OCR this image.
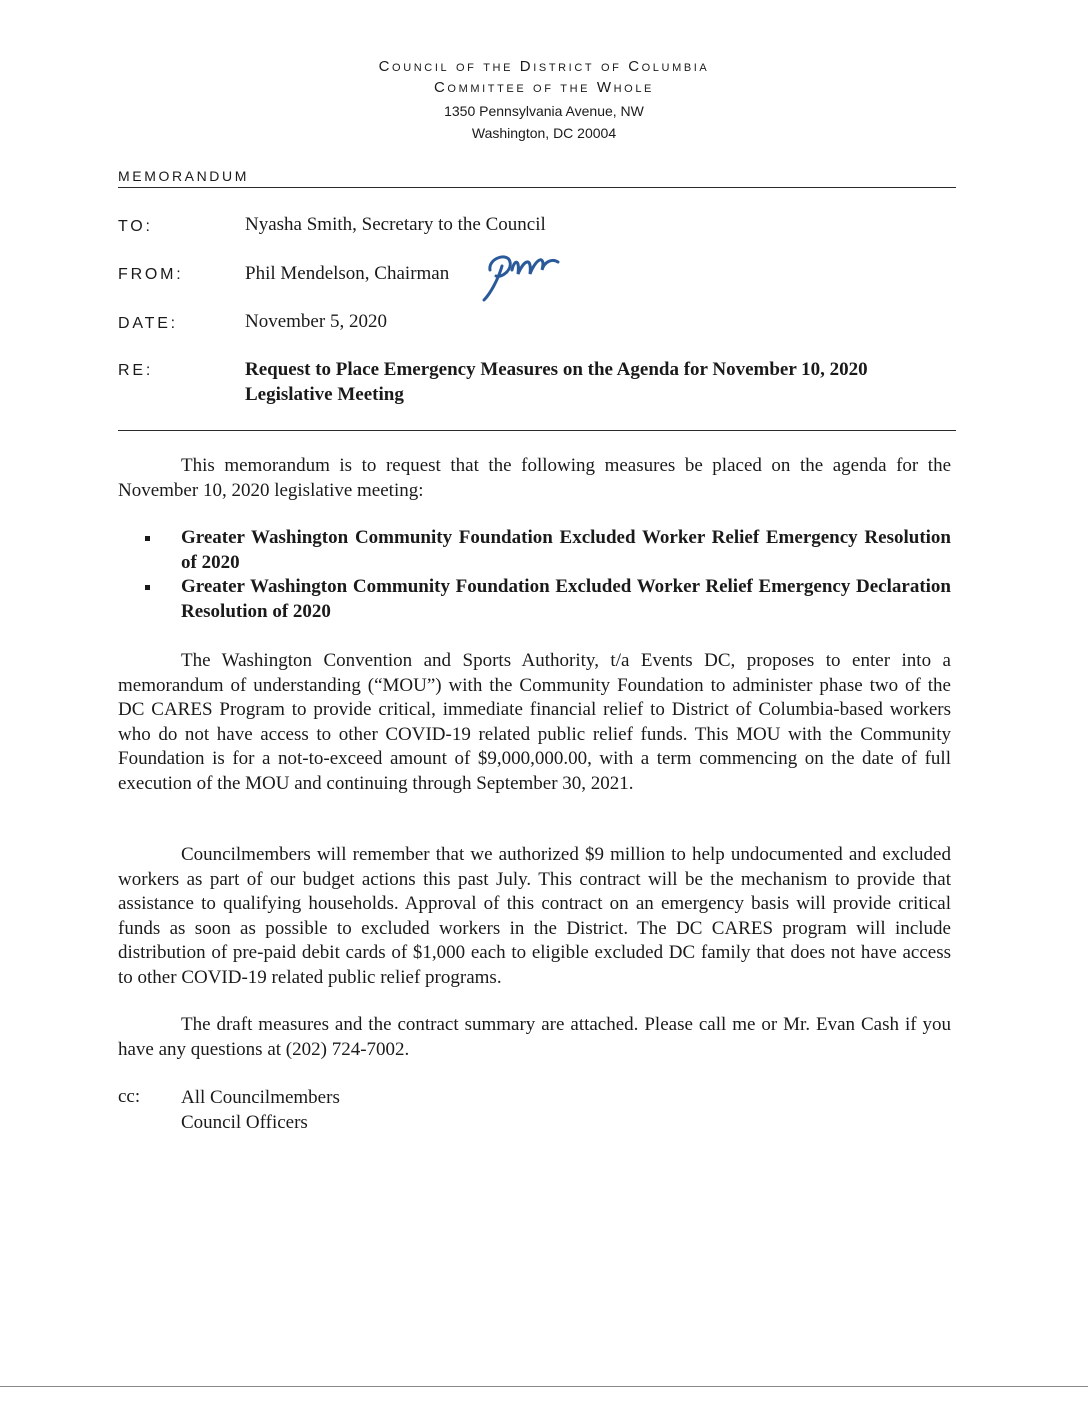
Council of the District of Columbia
Committee of the Whole
1350 Pennsylvania Avenue, NW
Washington, DC 20004
MEMORANDUM
TO:	Nyasha Smith, Secretary to the Council
FROM:	Phil Mendelson, Chairman
DATE:	November 5, 2020
RE:	Request to Place Emergency Measures on the Agenda for November 10, 2020 Legislative Meeting

This memorandum is to request that the following measures be placed on the agenda for the November 10, 2020 legislative meeting:

Greater Washington Community Foundation Excluded Worker Relief Emergency Resolution of 2020
Greater Washington Community Foundation Excluded Worker Relief Emergency Declaration Resolution of 2020

The Washington Convention and Sports Authority, t/a Events DC, proposes to enter into a memorandum of understanding (“MOU”) with the Community Foundation to administer phase two of the DC CARES Program to provide critical, immediate financial relief to District of Columbia-based workers who do not have access to other COVID-19 related public relief funds. This MOU with the Community Foundation is for a not-to-exceed amount of $9,000,000.00, with a term commencing on the date of full execution of the MOU and continuing through September 30, 2021.

Councilmembers will remember that we authorized $9 million to help undocumented and excluded workers as part of our budget actions this past July. This contract will be the mechanism to provide that assistance to qualifying households. Approval of this contract on an emergency basis will provide critical funds as soon as possible to excluded workers in the District. The DC CARES program will include distribution of pre-paid debit cards of $1,000 each to eligible excluded DC family that does not have access to other COVID-19 related public relief programs.

The draft measures and the contract summary are attached. Please call me or Mr. Evan Cash if you have any questions at (202) 724-7002.

cc: All Councilmembers
Council Officers
